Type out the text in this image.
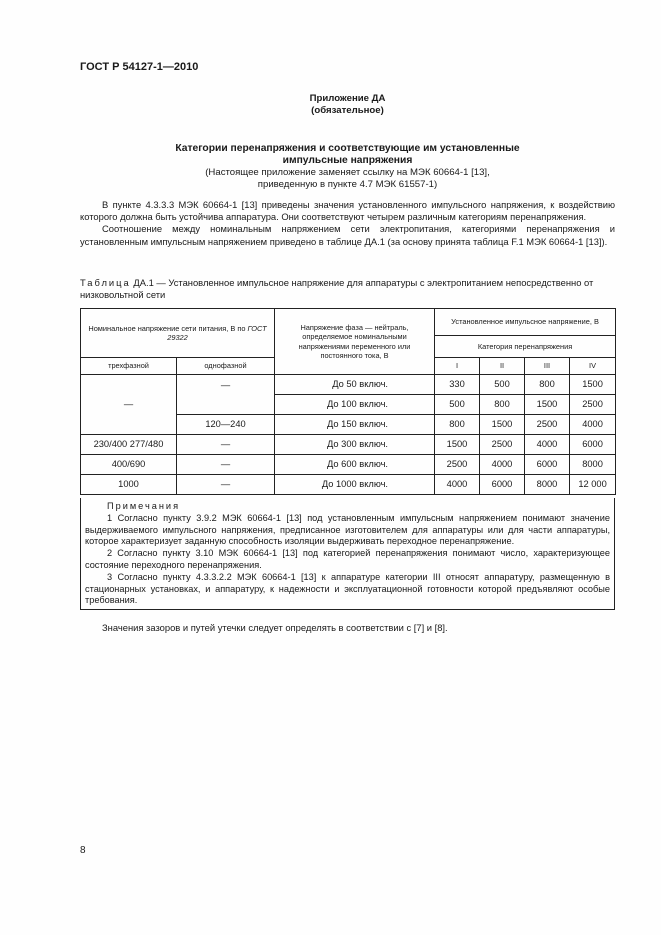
ГОСТ Р 54127-1—2010
Приложение ДА
(обязательное)
Категории перенапряжения и соответствующие им установленные
импульсные напряжения
(Настоящее приложение заменяет ссылку на МЭК 60664-1 [13],
приведенную в пункте 4.7 МЭК 61557-1)

В пункте 4.3.3.3 МЭК 60664-1 [13] приведены значения установленного импульсного напряжения, к воздействию которого должна быть устойчива аппаратура. Они соответствуют четырем различным категориям перенапряжения.

Соотношение между номинальным напряжением сети электропитания, категориями перенапряжения и установленным импульсным напряжением приведено в таблице ДА.1 (за основу принята таблица F.1 МЭК 60664-1 [13]).

Таблица ДА.1 — Установленное импульсное напряжение для аппаратуры с электропитанием непосредственно от низковольтной сети
Номинальное напряжение сети питания, В по ГОСТ 29322		Напряжение фаза — нейтраль, определяемое номинальными напряжениями переменного или постоянного тока, В	Установленное импульсное напряжение, В			
			Категория перенапряжения			
трехфазной	однофазной		I	II	III	IV
—	—	До 50 включ.	330	500	800	1500
		До 100 включ.	500	800	1500	2500
	120—240	До 150 включ.	800	1500	2500	4000
230/400 277/480	—	До 300 включ.	1500	2500	4000	6000
400/690	—	До 600 включ.	2500	4000	6000	8000
1000	—	До 1000 включ.	4000	6000	8000	12 000

Примечания

1 Согласно пункту 3.9.2 МЭК 60664-1 [13] под установленным импульсным напряжением понимают значение выдерживаемого импульсного напряжения, предписанное изготовителем для аппаратуры или для части аппаратуры, которое характеризует заданную способность изоляции выдерживать переходное перенапряжение.

2 Согласно пункту 3.10 МЭК 60664-1 [13] под категорией перенапряжения понимают число, характеризующее состояние переходного перенапряжения.

3 Согласно пункту 4.3.3.2.2 МЭК 60664-1 [13] к аппаратуре категории III относят аппаратуру, размещенную в стационарных установках, и аппаратуру, к надежности и эксплуатационной готовности которой предъявляют особые требования.

Значения зазоров и путей утечки следует определять в соответствии с [7] и [8].

8
